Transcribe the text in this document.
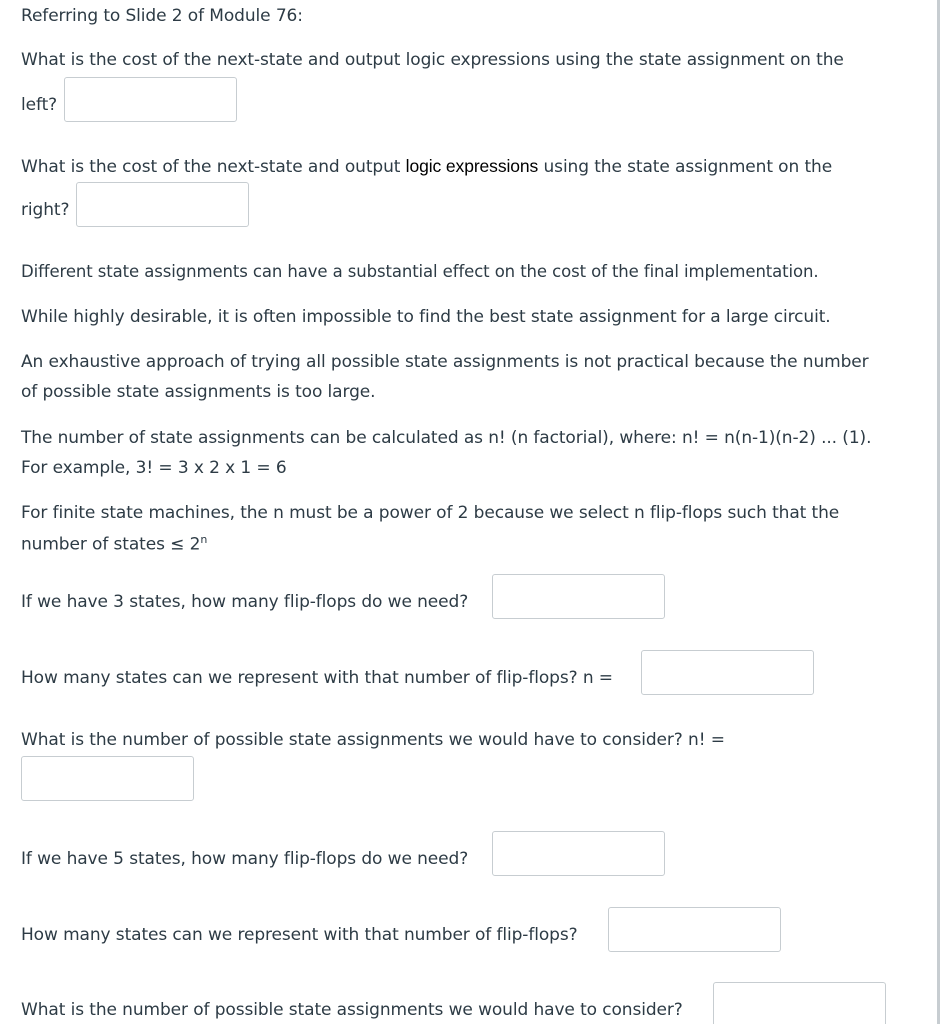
Referring to Slide 2 of Module 76:
What is the cost of the next-state and output logic expressions using the state assignment on the
left?
What is the cost of the next-state and output logic expressions using the state assignment on the
right?
Different state assignments can have a substantial effect on the cost of the final implementation.
While highly desirable, it is often impossible to find the best state assignment for a large circuit.
An exhaustive approach of trying all possible state assignments is not practical because the number
of possible state assignments is too large.
The number of state assignments can be calculated as n! (n factorial), where: n! = n(n-1)(n-2) ... (1).
For example, 3! = 3 x 2 x 1 = 6
For finite state machines, the n must be a power of 2 because we select n flip-flops such that the
number of states ≤ $2^n$
If we have 3 states, how many flip-flops do we need?
How many states can we represent with that number of flip-flops? n =
What is the number of possible state assignments we would have to consider? n! =
If we have 5 states, how many flip-flops do we need?
How many states can we represent with that number of flip-flops?
What is the number of possible state assignments we would have to consider?
